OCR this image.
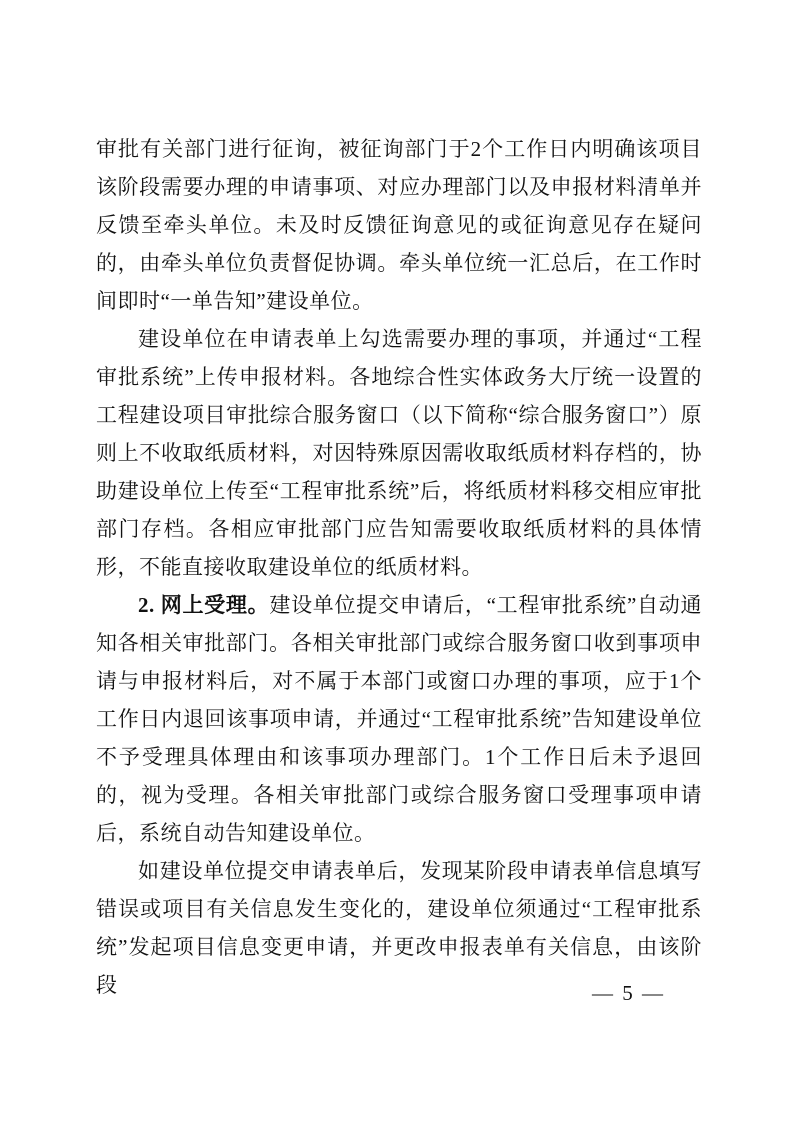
审批有关部门进行征询，被征询部门于2个工作日内明确该项目该阶段需要办理的申请事项、对应办理部门以及申报材料清单并反馈至牵头单位。未及时反馈征询意见的或征询意见存在疑问的，由牵头单位负责督促协调。牵头单位统一汇总后，在工作时间即时“一单告知”建设单位。

建设单位在申请表单上勾选需要办理的事项，并通过“工程审批系统”上传申报材料。各地综合性实体政务大厅统一设置的工程建设项目审批综合服务窗口（以下简称“综合服务窗口”）原则上不收取纸质材料，对因特殊原因需收取纸质材料存档的，协助建设单位上传至“工程审批系统”后，将纸质材料移交相应审批部门存档。各相应审批部门应告知需要收取纸质材料的具体情形，不能直接收取建设单位的纸质材料。

2. 网上受理。建设单位提交申请后，“工程审批系统”自动通知各相关审批部门。各相关审批部门或综合服务窗口收到事项申请与申报材料后，对不属于本部门或窗口办理的事项，应于1个工作日内退回该事项申请，并通过“工程审批系统”告知建设单位不予受理具体理由和该事项办理部门。1个工作日后未予退回的，视为受理。各相关审批部门或综合服务窗口受理事项申请后，系统自动告知建设单位。

如建设单位提交申请表单后，发现某阶段申请表单信息填写错误或项目有关信息发生变化的，建设单位须通过“工程审批系统”发起项目信息变更申请，并更改申报表单有关信息，由该阶段	— 5 —
